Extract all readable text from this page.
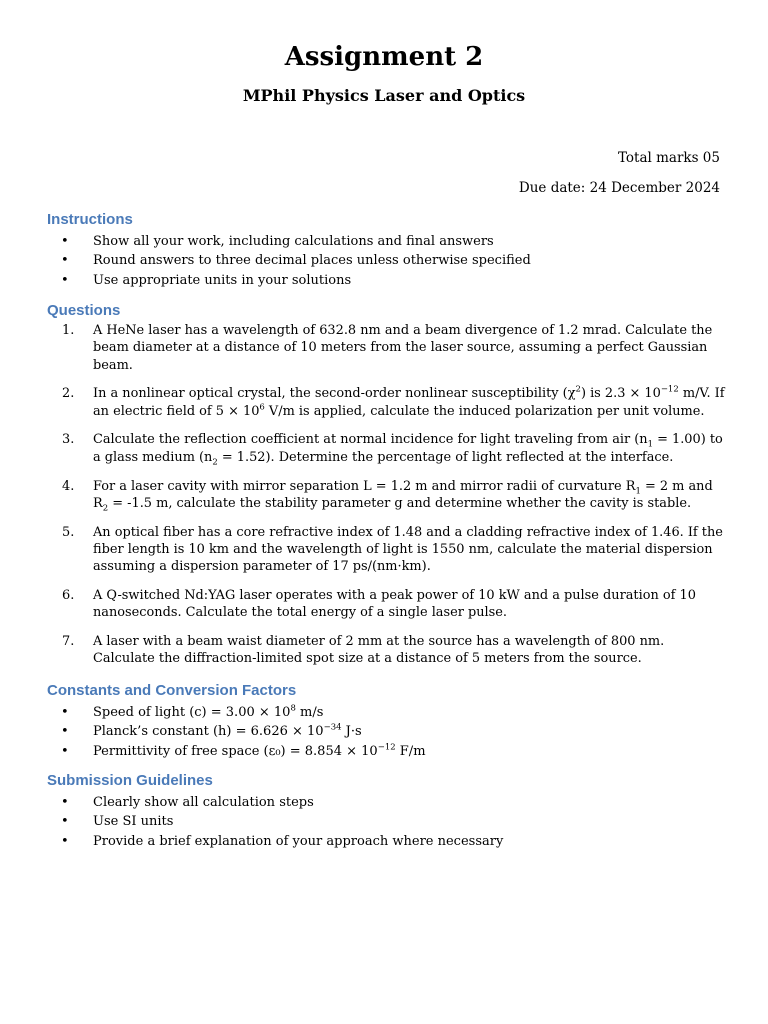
Assignment 2
MPhil Physics Laser and Optics
Total marks 05
Due date: 24 December 2024
Instructions
• Show all your work, including calculations and final answers
• Round answers to three decimal places unless otherwise specified
• Use appropriate units in your solutions
Questions
1. A HeNe laser has a wavelength of 632.8 nm and a beam divergence of 1.2 mrad. Calculate the beam diameter at a distance of 10 meters from the laser source, assuming a perfect Gaussian beam.
2. In a nonlinear optical crystal, the second-order nonlinear susceptibility $(\chi^2)$ is $2.3 \times 10^{-12}$ m/V. If an electric field of $5 \times 10^6$ V/m is applied, calculate the induced polarization per unit volume.
3. Calculate the reflection coefficient at normal incidence for light traveling from air $(n_1 = 1.00)$ to a glass medium $(n_2 = 1.52)$. Determine the percentage of light reflected at the interface.
4. For a laser cavity with mirror separation L = 1.2 m and mirror radii of curvature $R_1 = 2$ m and $R_2 = -1.5$ m, calculate the stability parameter g and determine whether the cavity is stable.
5. An optical fiber has a core refractive index of 1.48 and a cladding refractive index of 1.46. If the fiber length is 10 km and the wavelength of light is 1550 nm, calculate the material dispersion assuming a dispersion parameter of 17 ps/(nm·km).
6. A Q-switched Nd:YAG laser operates with a peak power of 10 kW and a pulse duration of 10 nanoseconds. Calculate the total energy of a single laser pulse.
7. A laser with a beam waist diameter of 2 mm at the source has a wavelength of 800 nm. Calculate the diffraction-limited spot size at a distance of 5 meters from the source.
Constants and Conversion Factors
• Speed of light $(c) = 3.00 \times 10^8$ m/s
• Planck’s constant $(h) = 6.626 \times 10^{-34}$ J·s
• Permittivity of free space $(\varepsilon_0) = 8.854 \times 10^{-12}$ F/m
Submission Guidelines
• Clearly show all calculation steps
• Use SI units
• Provide a brief explanation of your approach where necessary
